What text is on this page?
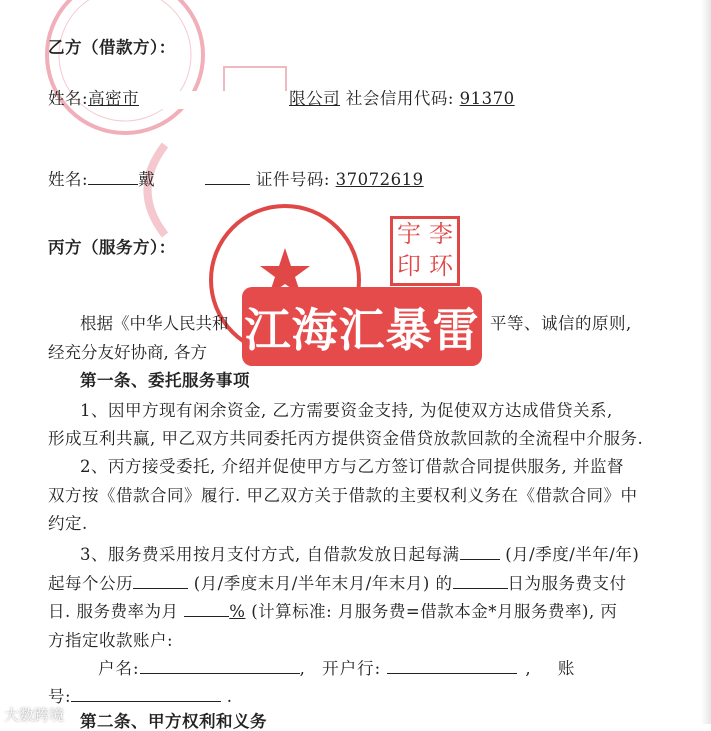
宇 李
印 环
乙方（借款方）：
姓名:高密市	限公司 社会信用代码: 91370
姓名:	戴	证件号码: 37072619
丙方（服务方）：
根据《中华人民共和	平等、诚信的原则,
经充分友好协商, 各方 江海汇暴雷
第一条、委托服务事项
1、因甲方现有闲余资金, 乙方需要资金支持, 为促使双方达成借贷关系,
形成互利共赢, 甲乙双方共同委托丙方提供资金借贷放款回款的全流程中介服务.
2、丙方接受委托, 介绍并促使甲方与乙方签订借款合同提供服务, 并监督
双方按《借款合同》履行. 甲乙双方关于借款的主要权利义务在《借款合同》中
约定.
3、服务费采用按月支付方式, 自借款发放日起每满	(月/季度/半年/年)
起每个公历	(月/季度末月/半年末月/年末月) 的	日为服务费支付
日. 服务费率为月	% (计算标准: 月服务费=借款本金*月服务费率), 丙
方指定收款账户:
户名:	, 开户行:	, 账
号:	.
第二条、甲方权利和义务
大数跨境
